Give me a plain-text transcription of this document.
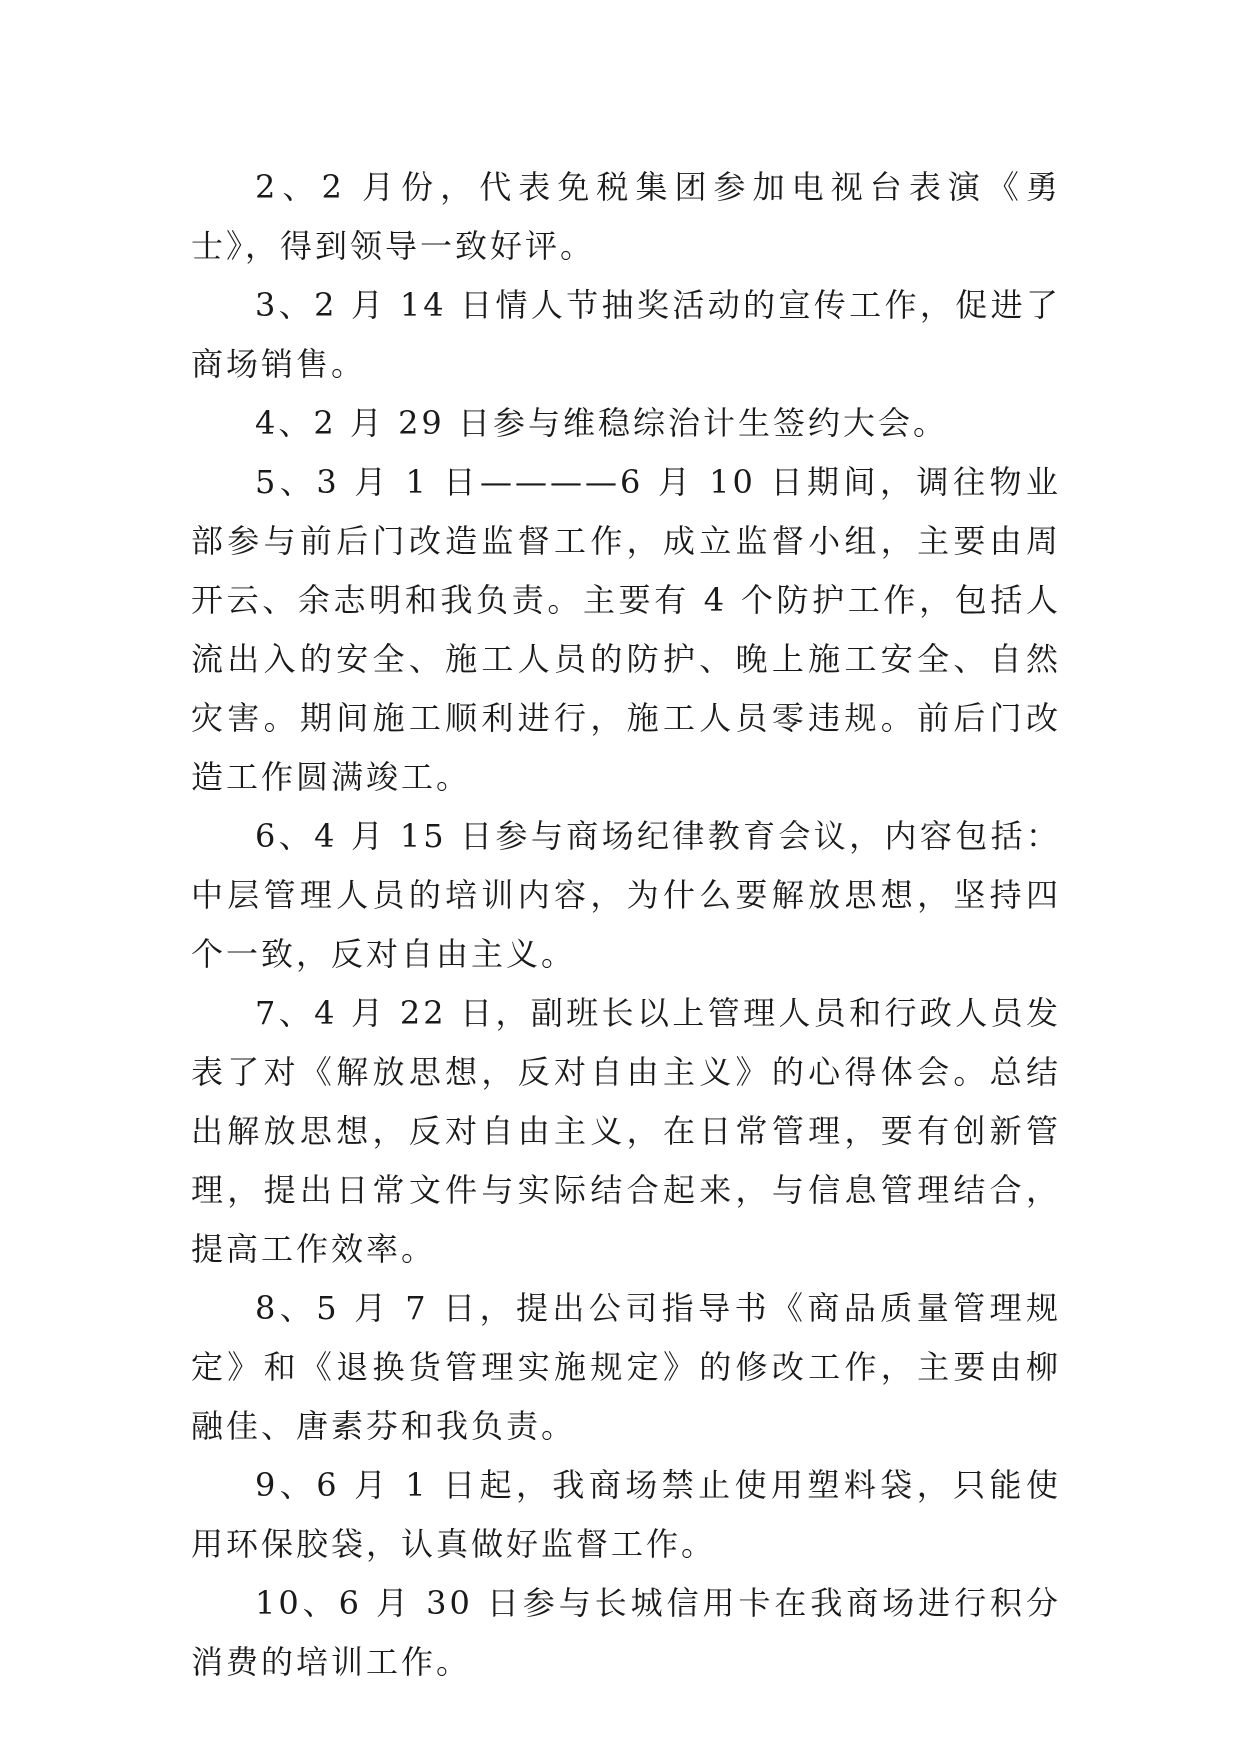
2、2 月份，代表免税集团参加电视台表演《勇士》，得到领导一致好评。

3、2 月 14 日情人节抽奖活动的宣传工作，促进了商场销售。

4、2 月 29 日参与维稳综治计生签约大会。

5、3 月 1 日————6 月 10 日期间，调往物业部参与前后门改造监督工作，成立监督小组，主要由周开云、余志明和我负责。主要有 4 个防护工作，包括人流出入的安全、施工人员的防护、晚上施工安全、自然灾害。期间施工顺利进行，施工人员零违规。前后门改造工作圆满竣工。

6、4 月 15 日参与商场纪律教育会议，内容包括：中层管理人员的培训内容，为什么要解放思想，坚持四个一致，反对自由主义。

7、4 月 22 日，副班长以上管理人员和行政人员发表了对《解放思想，反对自由主义》的心得体会。总结出解放思想，反对自由主义，在日常管理，要有创新管理，提出日常文件与实际结合起来，与信息管理结合，提高工作效率。

8、5 月 7 日，提出公司指导书《商品质量管理规定》和《退换货管理实施规定》的修改工作，主要由柳融佳、唐素芬和我负责。

9、6 月 1 日起，我商场禁止使用塑料袋，只能使用环保胶袋，认真做好监督工作。

10、6 月 30 日参与长城信用卡在我商场进行积分消费的培训工作。
